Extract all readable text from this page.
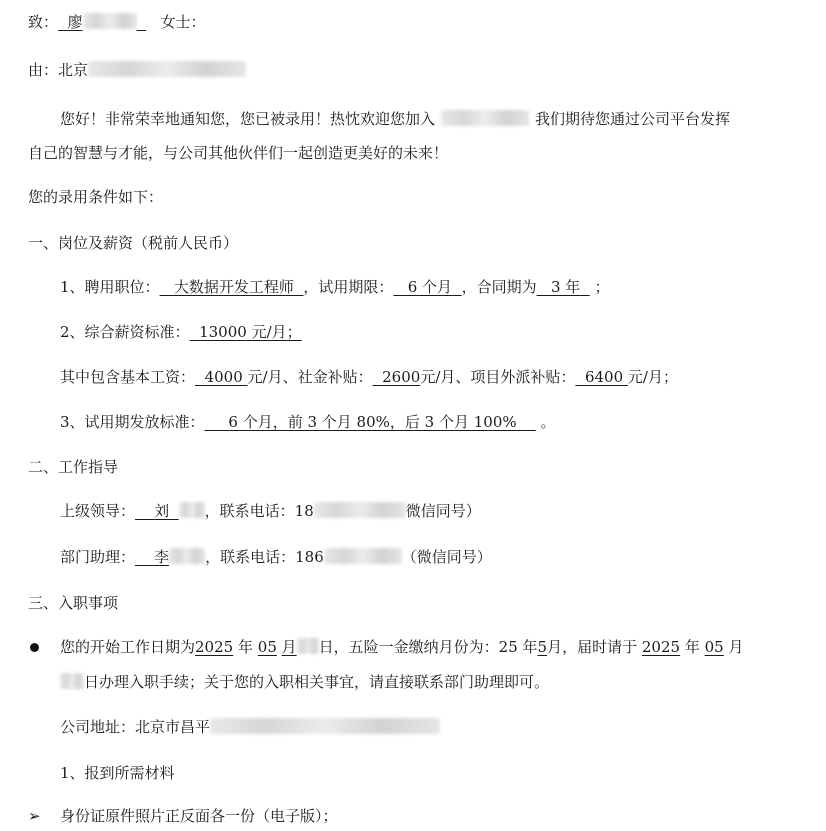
致： 廖	女士：
由：北京
您好！非常荣幸地通知您，您已被录用！热忱欢迎您加入	我们期待您通过公司平台发挥
自己的智慧与才能，与公司其他伙伴们一起创造更美好的未来！
您的录用条件如下：
一、岗位及薪资（税前人民币）
1、聘用职位： 大数据开发工程师 ，试用期限： 6 个月 ，合同期为 3 年 ；
2、综合薪资标准： 13000 元/月；
其中包含基本工资： 4000 元/月、社金补贴： 2600元/月、项目外派补贴： 6400 元/月；
3、试用期发放标准： 6 个月，前 3 个月 80%，后 3 个月 100% 。
二、工作指导
上级领导： 刘 ，联系电话：18	微信同号）
部门助理： 李 ，联系电话：186	（微信同号）
三、入职事项
您的开始工作日期为2025 年 05 月 日，五险一金缴纳月份为：25 年5月，届时请于 2025 年 05 月
日办理入职手续；关于您的入职相关事宜，请直接联系部门助理即可。
公司地址：北京市昌平
1、报到所需材料
➢ 身份证原件照片正反面各一份（电子版）；
